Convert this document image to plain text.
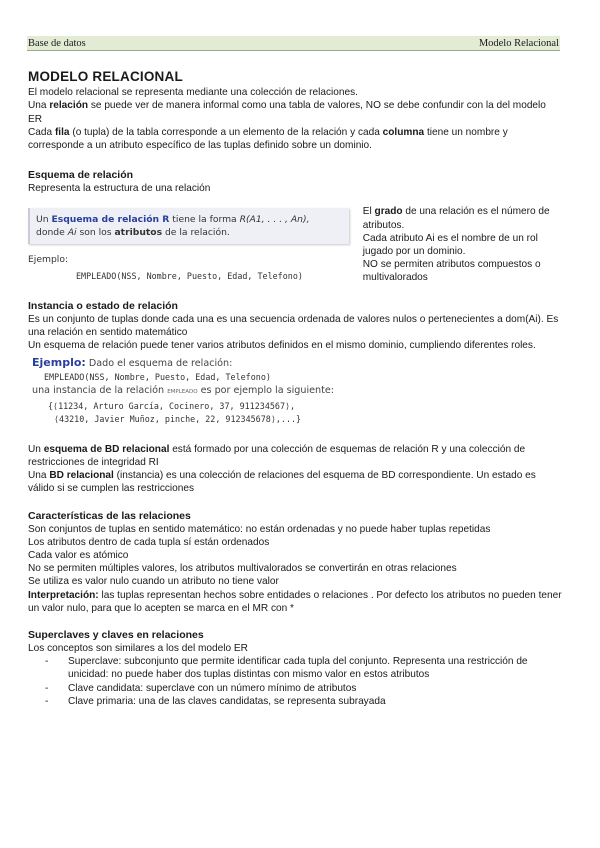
Base de datos	Modelo Relacional
MODELO RELACIONAL

El modelo relacional se representa mediante una colección de relaciones.

Una relación se puede ver de manera informal como una tabla de valores, NO se debe confundir con la del modelo ER

Cada fila (o tupla) de la tabla corresponde a un elemento de la relación y cada columna tiene un nombre y corresponde a un atributo específico de las tuplas definido sobre un dominio.

Esquema de relación

Representa la estructura de una relación

Un Esquema de relación R tiene la forma R(A1, . . . , An),
donde Ai son los atributos de la relación.
Ejemplo:
EMPLEADO(NSS, Nombre, Puesto, Edad, Telefono)

El grado de una relación es el número de atributos.

Cada atributo Ai es el nombre de un rol jugado por un dominio.

NO se permiten atributos compuestos o multivalorados

Instancia o estado de relación

Es un conjunto de tuplas donde cada una es una secuencia ordenada de valores nulos o pertenecientes a dom(Ai). Es una relación en sentido matemático

Un esquema de relación puede tener varios atributos definidos en el mismo dominio, cumpliendo diferentes roles.

Ejemplo: Dado el esquema de relación:
EMPLEADO(NSS, Nombre, Puesto, Edad, Telefono)
una instancia de la relación EMPLEADO es por ejemplo la siguiente:
{⟨11234, Arturo García, Cocinero, 37, 911234567⟩,
⟨43210, Javier Muñoz, pinche, 22, 912345678⟩,...}

Un esquema de BD relacional está formado por una colección de esquemas de relación R y una colección de restricciones de integridad RI

Una BD relacional (instancia) es una colección de relaciones del esquema de BD correspondiente. Un estado es válido si se cumplen las restricciones

Características de las relaciones

Son conjuntos de tuplas en sentido matemático: no están ordenadas y no puede haber tuplas repetidas

Los atributos dentro de cada tupla sí están ordenados

Cada valor es atómico

No se permiten múltiples valores, los atributos multivalorados se convertirán en otras relaciones

Se utiliza es valor nulo cuando un atributo no tiene valor

Interpretación: las tuplas representan hechos sobre entidades o relaciones . Por defecto los atributos no pueden tener un valor nulo, para que lo acepten se marca en el MR con *

Superclaves y claves en relaciones

Los conceptos son similares a los del modelo ER

- Superclave: subconjunto que permite identificar cada tupla del conjunto. Representa una restricción de unicidad: no puede haber dos tuplas distintas con mismo valor en estos atributos
- Clave candidata: superclave con un número mínimo de atributos
- Clave primaria: una de las claves candidatas, se representa subrayada
